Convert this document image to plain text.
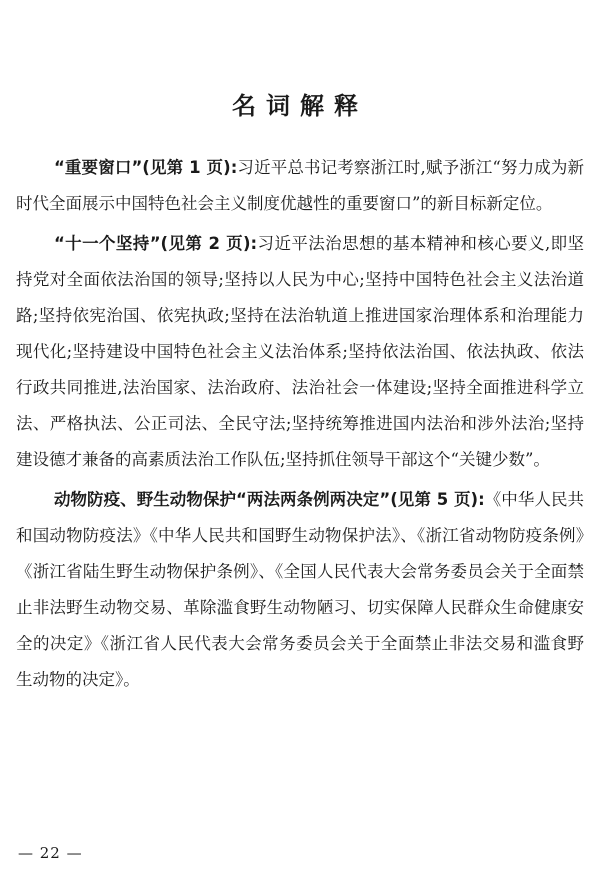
名词解释

“重要窗口”(见第 1 页):习近平总书记考察浙江时,赋予浙江“努力成为新时代全面展示中国特色社会主义制度优越性的重要窗口”的新目标新定位。

“十一个坚持”(见第 2 页):习近平法治思想的基本精神和核心要义,即坚持党对全面依法治国的领导;坚持以人民为中心;坚持中国特色社会主义法治道路;坚持依宪治国、依宪执政;坚持在法治轨道上推进国家治理体系和治理能力现代化;坚持建设中国特色社会主义法治体系;坚持依法治国、依法执政、依法行政共同推进,法治国家、法治政府、法治社会一体建设;坚持全面推进科学立法、严格执法、公正司法、全民守法;坚持统筹推进国内法治和涉外法治;坚持建设德才兼备的高素质法治工作队伍;坚持抓住领导干部这个“关键少数”。

动物防疫、野生动物保护“两法两条例两决定”(见第 5 页):《中华人民共和国动物防疫法》《中华人民共和国野生动物保护法》、《浙江省动物防疫条例》《浙江省陆生野生动物保护条例》、《全国人民代表大会常务委员会关于全面禁止非法野生动物交易、革除滥食野生动物陋习、切实保障人民群众生命健康安全的决定》《浙江省人民代表大会常务委员会关于全面禁止非法交易和滥食野生动物的决定》。

— 22 —
